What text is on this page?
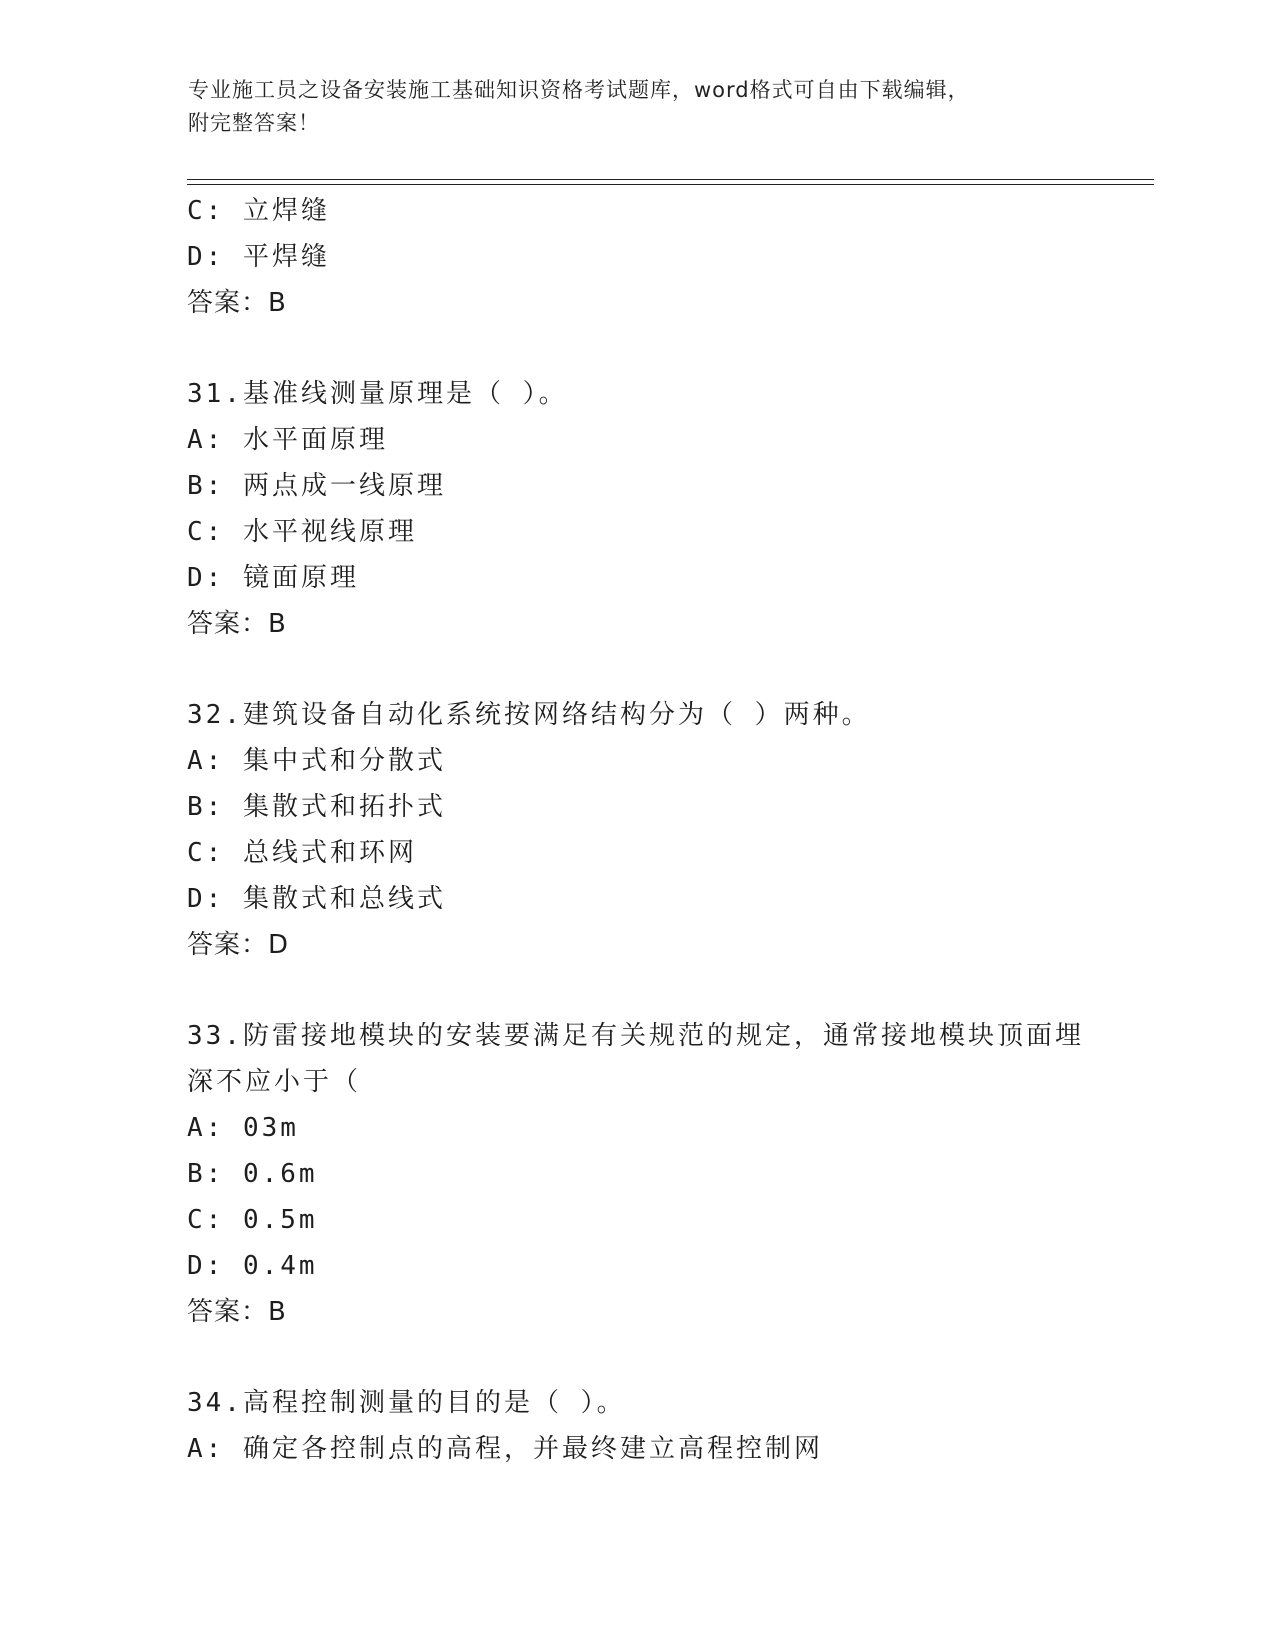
专业施工员之设备安装施工基础知识资格考试题库，word格式可自由下载编辑，
附完整答案！
C: 立焊缝
D: 平焊缝
答案：B
31.基准线测量原理是（ ）。
A: 水平面原理
B: 两点成一线原理
C: 水平视线原理
D: 镜面原理
答案：B
32.建筑设备自动化系统按网络结构分为（ ）两种。
A: 集中式和分散式
B: 集散式和拓扑式
C: 总线式和环网
D: 集散式和总线式
答案：D
33.防雷接地模块的安装要满足有关规范的规定，通常接地模块顶面埋
深不应小于（
A: 03m
B: 0.6m
C: 0.5m
D: 0.4m
答案：B
34.高程控制测量的目的是（ ）。
A: 确定各控制点的高程，并最终建立高程控制网
